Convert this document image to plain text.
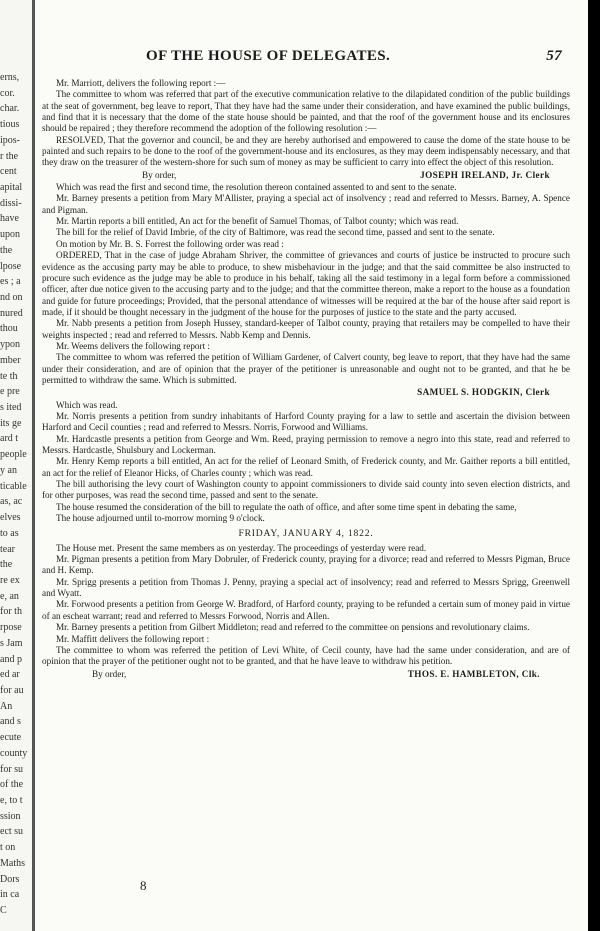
erns,
cor.
char.
tious
ipos-
r the
cent
apital
dissi-
have
upon
the
lpose
es ; a
nd on
nured
thou
ypon
mber
te th
e pre
s ited
its ge
ard t
people
y an
ticable
as, ac
elves
to as
tear
the
re ex
e, an
for th
rpose
s Jam
and p
ed ar
for au
An
and s
ecute
county
for su
of the
e, to t
ssion
ect su
t on
Maths
Dors
in ca
C
OF THE HOUSE OF DELEGATES.	57

Mr. Marriott, delivers the following report :—

The committee to whom was referred that part of the executive communication relative to the dilapidated condition of the public buildings at the seat of government, beg leave to report, That they have had the same under their consideration, and have examined the public buildings, and find that it is necessary that the dome of the state house should be painted, and that the roof of the government house and its enclosures should be repaired ; they therefore recommend the adoption of the following resolution :—

RESOLVED, That the governor and council, be and they are hereby authorised and empowered to cause the dome of the state house to be painted and such repairs to be done to the roof of the government-house and its enclosures, as they may deem indispensably necessary, and that they draw on the treasurer of the western-shore for such sum of money as may be sufficient to carry into effect the object of this resolution.

By order,	JOSEPH IRELAND, Jr. Clerk

Which was read the first and second time, the resolution thereon contained assented to and sent to the senate.

Mr. Barney presents a petition from Mary M'Allister, praying a special act of insolvency ; read and referred to Messrs. Barney, A. Spence and Pigman.

Mr. Martin reports a bill entitled, An act for the benefit of Samuel Thomas, of Talbot county; which was read.

The bill for the relief of David Imbrie, of the city of Baltimore, was read the second time, passed and sent to the senate.

On motion by Mr. B. S. Forrest the following order was read :

ORDERED, That in the case of judge Abraham Shriver, the committee of grievances and courts of justice be instructed to procure such evidence as the accusing party may be able to produce, to shew misbehaviour in the judge; and that the said committee be also instructed to procure such evidence as the judge may be able to produce in his behalf, taking all the said testimony in a legal form before a commissioned officer, after due notice given to the accusing party and to the judge; and that the committee thereon, make a report to the house as a foundation and guide for future proceedings; Provided, that the personal attendance of witnesses will be required at the bar of the house after said report is made, if it should be thought necessary in the judgment of the house for the purposes of justice to the state and the party accused.

Mr. Nabb presents a petition from Joseph Hussey, standard-keeper of Talbot county, praying that retailers may be compelled to have their weights inspected ; read and referred to Messrs. Nabb Kemp and Dennis.

Mr. Weems delivers the following report :

The committee to whom was referred the petition of William Gardener, of Calvert county, beg leave to report, that they have had the same under their consideration, and are of opinion that the prayer of the petitioner is unreasonable and ought not to be granted, and that he be permitted to withdraw the same. Which is submitted.

SAMUEL S. HODGKIN, Clerk

Which was read.

Mr. Norris presents a petition from sundry inhabitants of Harford County praying for a law to settle and ascertain the division between Harford and Cecil counties ; read and referred to Messrs. Norris, Forwood and Williams.

Mr. Hardcastle presents a petition from George and Wm. Reed, praying permission to remove a negro into this state, read and referred to Messrs. Hardcastle, Shulsbury and Lockerman.

Mr. Henry Kemp reports a bill entitled, An act for the relief of Leonard Smith, of Frederick county, and Mr. Gaither reports a bill entitled, an act for the relief of Eleanor Hicks, of Charles county ; which was read.

The bill authorising the levy court of Washington county to appoint commissioners to divide said county into seven election districts, and for other purposes, was read the second time, passed and sent to the senate.

The house resumed the consideration of the bill to regulate the oath of office, and after some time spent in debating the same,

The house adjourned until to-morrow morning 9 o'clock.

FRIDAY, JANUARY 4, 1822.

The House met. Present the same members as on yesterday. The proceedings of yesterday were read.

Mr. Pigman presents a petition from Mary Dobruler, of Frederick county, praying for a divorce; read and referred to Messrs Pigman, Bruce and H. Kemp.

Mr. Sprigg presents a petition from Thomas J. Penny, praying a special act of insolvency; read and referred to Messrs Sprigg, Greenwell and Wyatt.

Mr. Forwood presents a petition from George W. Bradford, of Harford county, praying to be refunded a certain sum of money paid in virtue of an escheat warrant; read and referred to Messrs Forwood, Norris and Allen.

Mr. Barney presents a petition from Gilbert Middleton; read and referred to the committee on pensions and revolutionary claims.

Mr. Maffitt delivers the following report :

The committee to whom was referred the petition of Levi White, of Cecil county, have had the same under consideration, and are of opinion that the prayer of the petitioner ought not to be granted, and that he have leave to withdraw his petition.

By order,	THOS. E. HAMBLETON, Clk.
8
